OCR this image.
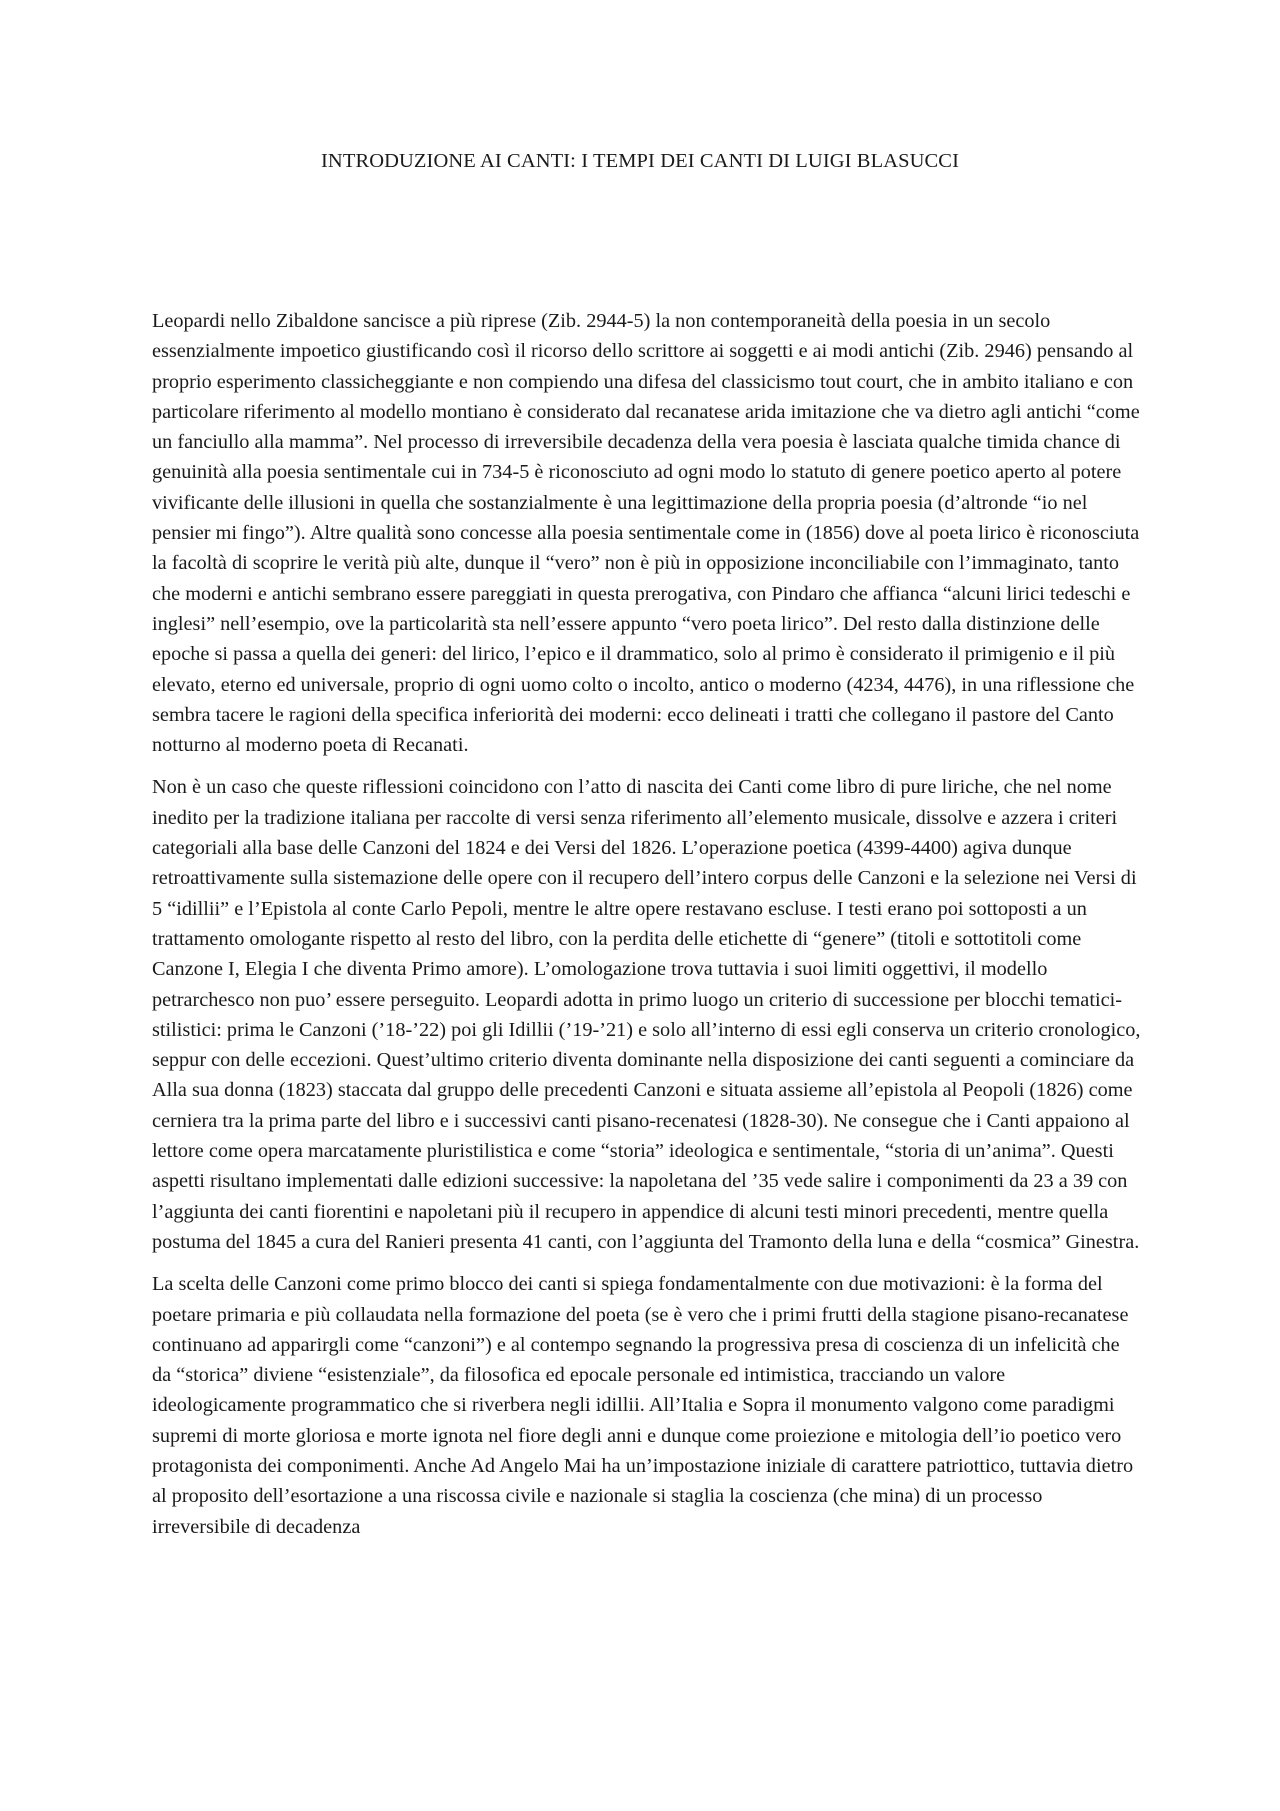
INTRODUZIONE AI CANTI: I TEMPI DEI CANTI DI LUIGI BLASUCCI

Leopardi nello Zibaldone sancisce a più riprese (Zib. 2944-5) la non contemporaneità della poesia in un secolo essenzialmente impoetico giustificando così il ricorso dello scrittore ai soggetti e ai modi antichi (Zib. 2946) pensando al proprio esperimento classicheggiante e non compiendo una difesa del classicismo tout court, che in ambito italiano e con particolare riferimento al modello montiano è considerato dal recanatese arida imitazione che va dietro agli antichi “come un fanciullo alla mamma”. Nel processo di irreversibile decadenza della vera poesia è lasciata qualche timida chance di genuinità alla poesia sentimentale cui in 734-5 è riconosciuto ad ogni modo lo statuto di genere poetico aperto al potere vivificante delle illusioni in quella che sostanzialmente è una legittimazione della propria poesia (d’altronde “io nel pensier mi fingo”). Altre qualità sono concesse alla poesia sentimentale come in (1856) dove al poeta lirico è riconosciuta la facoltà di scoprire le verità più alte, dunque il “vero” non è più in opposizione inconciliabile con l’immaginato, tanto che moderni e antichi sembrano essere pareggiati in questa prerogativa, con Pindaro che affianca “alcuni lirici tedeschi e inglesi” nell’esempio, ove la particolarità sta nell’essere appunto “vero poeta lirico”. Del resto dalla distinzione delle epoche si passa a quella dei generi: del lirico, l’epico e il drammatico, solo al primo è considerato il primigenio e il più elevato, eterno ed universale, proprio di ogni uomo colto o incolto, antico o moderno (4234, 4476), in una riflessione che sembra tacere le ragioni della specifica inferiorità dei moderni: ecco delineati i tratti che collegano il pastore del Canto notturno al moderno poeta di Recanati.

Non è un caso che queste riflessioni coincidono con l’atto di nascita dei Canti come libro di pure liriche, che nel nome inedito per la tradizione italiana per raccolte di versi senza riferimento all’elemento musicale, dissolve e azzera i criteri categoriali alla base delle Canzoni del 1824 e dei Versi del 1826. L’operazione poetica (4399-4400) agiva dunque retroattivamente sulla sistemazione delle opere con il recupero dell’intero corpus delle Canzoni e la selezione nei Versi di 5 “idillii” e l’Epistola al conte Carlo Pepoli, mentre le altre opere restavano escluse. I testi erano poi sottoposti a un trattamento omologante rispetto al resto del libro, con la perdita delle etichette di “genere” (titoli e sottotitoli come Canzone I, Elegia I che diventa Primo amore). L’omologazione trova tuttavia i suoi limiti oggettivi, il modello petrarchesco non puo’ essere perseguito. Leopardi adotta in primo luogo un criterio di successione per blocchi tematici-stilistici: prima le Canzoni (’18-’22) poi gli Idillii (’19-’21) e solo all’interno di essi egli conserva un criterio cronologico, seppur con delle eccezioni. Quest’ultimo criterio diventa dominante nella disposizione dei canti seguenti a cominciare da Alla sua donna (1823) staccata dal gruppo delle precedenti Canzoni e situata assieme all’epistola al Peopoli (1826) come cerniera tra la prima parte del libro e i successivi canti pisano-recenatesi (1828-30). Ne consegue che i Canti appaiono al lettore come opera marcatamente pluristilistica e come “storia” ideologica e sentimentale, “storia di un’anima”. Questi aspetti risultano implementati dalle edizioni successive: la napoletana del ’35 vede salire i componimenti da 23 a 39 con l’aggiunta dei canti fiorentini e napoletani più il recupero in appendice di alcuni testi minori precedenti, mentre quella postuma del 1845 a cura del Ranieri presenta 41 canti, con l’aggiunta del Tramonto della luna e della “cosmica” Ginestra.

La scelta delle Canzoni come primo blocco dei canti si spiega fondamentalmente con due motivazioni: è la forma del poetare primaria e più collaudata nella formazione del poeta (se è vero che i primi frutti della stagione pisano-recanatese continuano ad apparirgli come “canzoni”) e al contempo segnando la progressiva presa di coscienza di un infelicità che da “storica” diviene “esistenziale”, da filosofica ed epocale personale ed intimistica, tracciando un valore ideologicamente programmatico che si riverbera negli idillii. All’Italia e Sopra il monumento valgono come paradigmi supremi di morte gloriosa e morte ignota nel fiore degli anni e dunque come proiezione e mitologia dell’io poetico vero protagonista dei componimenti. Anche Ad Angelo Mai ha un’impostazione iniziale di carattere patriottico, tuttavia dietro al proposito dell’esortazione a una riscossa civile e nazionale si staglia la coscienza (che mina) di un processo irreversibile di decadenza
